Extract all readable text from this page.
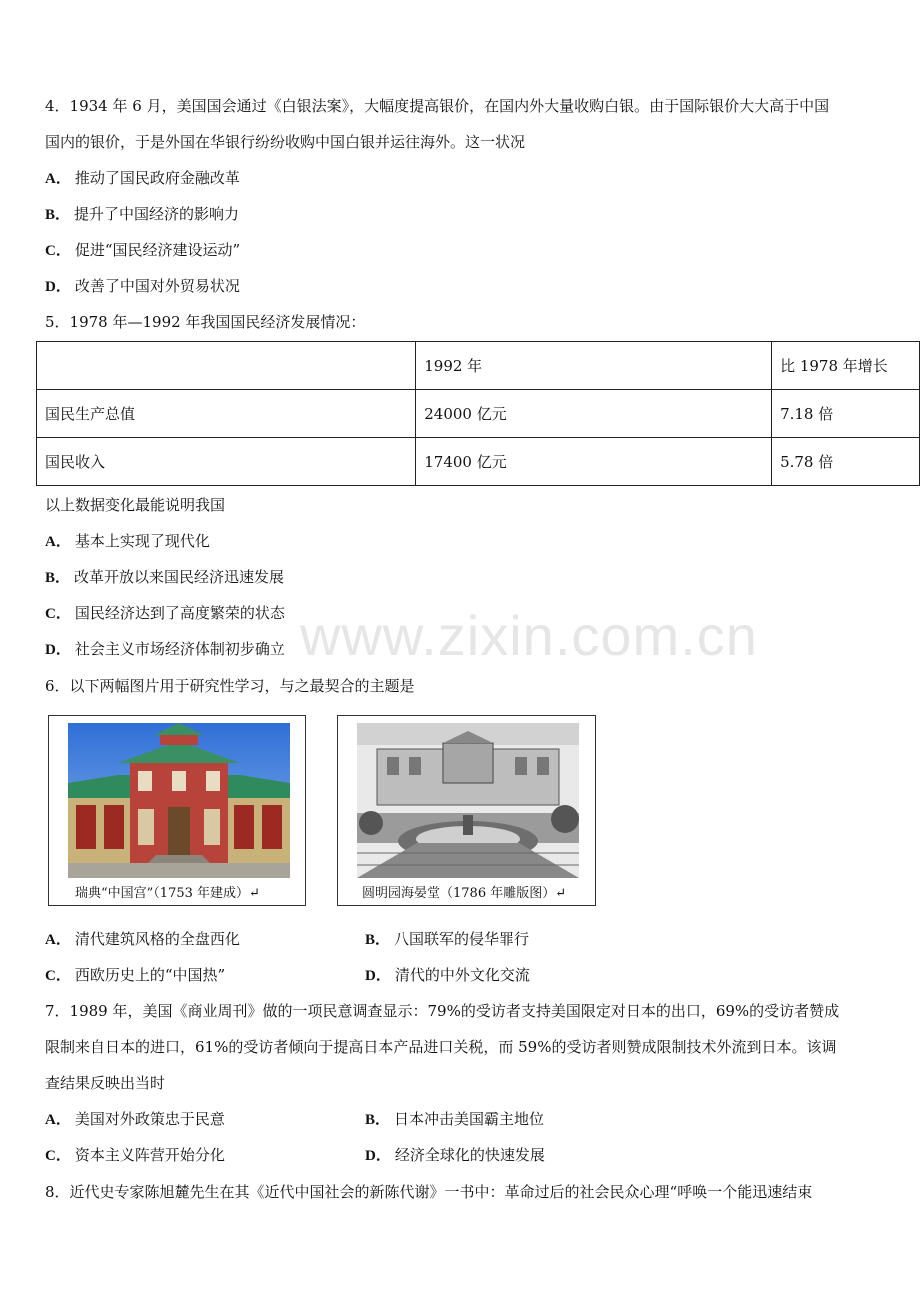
4．1934 年 6 月，美国国会通过《白银法案》，大幅度提高银价，在国内外大量收购白银。由于国际银价大大高于中国
国内的银价，于是外国在华银行纷纷收购中国白银并运往海外。这一状况
A． 推动了国民政府金融改革
B． 提升了中国经济的影响力
C． 促进“国民经济建设运动”
D． 改善了中国对外贸易状况
5．1978 年—1992 年我国国民经济发展情况：
	1992 年	比 1978 年增长
国民生产总值	24000 亿元	7.18 倍
国民收入	17400 亿元	5.78 倍
以上数据变化最能说明我国
A． 基本上实现了现代化
B． 改革开放以来国民经济迅速发展
C． 国民经济达到了高度繁荣的状态
D． 社会主义市场经济体制初步确立 www.zixin.com.cn
6．以下两幅图片用于研究性学习，与之最契合的主题是
瑞典“中国宫”（1753 年建成）↵	圆明园海晏堂（1786 年雕版图）↵
A． 清代建筑风格的全盘西化	B． 八国联军的侵华罪行
C． 西欧历史上的“中国热”	D． 清代的中外文化交流
7．1989 年，美国《商业周刊》做的一项民意调查显示：79%的受访者支持美国限定对日本的出口，69%的受访者赞成
限制来自日本的进口，61%的受访者倾向于提高日本产品进口关税，而 59%的受访者则赞成限制技术外流到日本。该调
查结果反映出当时
A． 美国对外政策忠于民意	B． 日本冲击美国霸主地位
C． 资本主义阵营开始分化	D． 经济全球化的快速发展
8．近代史专家陈旭麓先生在其《近代中国社会的新陈代谢》一书中：革命过后的社会民众心理“呼唤一个能迅速结束
